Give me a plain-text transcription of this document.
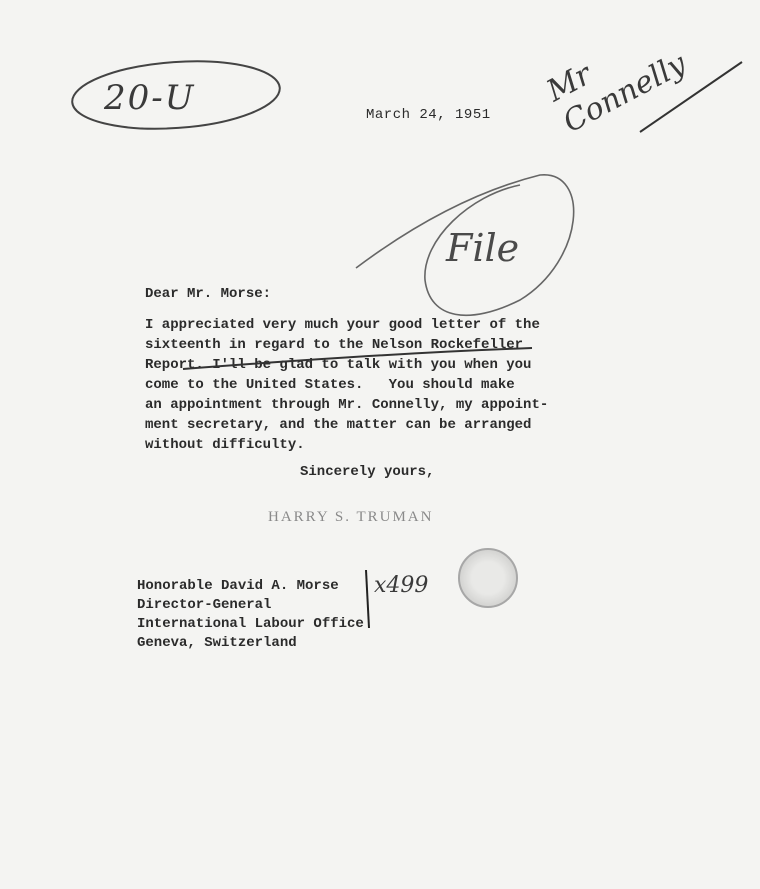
March 24, 1951
Dear Mr. Morse:
I appreciated very much your good letter of the
sixteenth in regard to the Nelson Rockefeller
Report. I'll be glad to talk with you when you
come to the United States.   You should make
an appointment through Mr. Connelly, my appoint-
ment secretary, and the matter can be arranged
without difficulty.
Sincerely yours,
HARRY S. TRUMAN
Honorable David A. Morse
Director-General
International Labour Office
Geneva, Switzerland
20-U	Mr Connelly
File
x499
